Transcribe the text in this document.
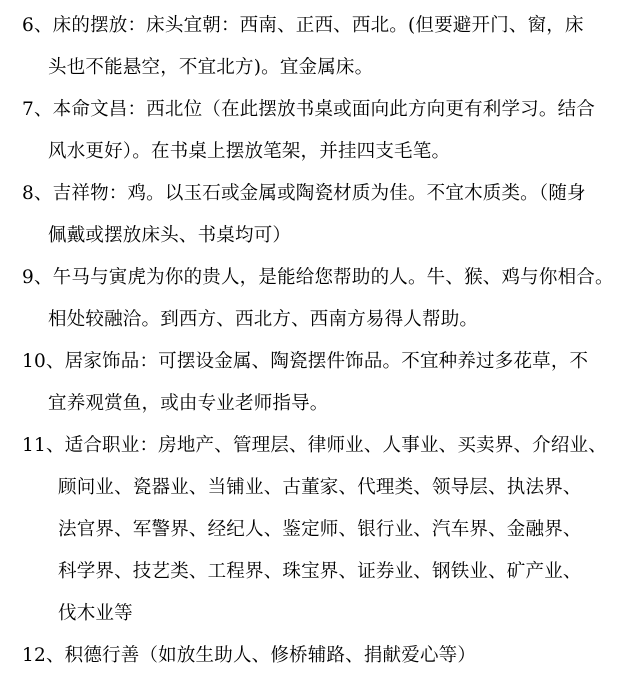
6、床的摆放：床头宜朝：西南、正西、西北。(但要避开门、窗，床
头也不能悬空，不宜北方)。宜金属床。
7、本命文昌：西北位（在此摆放书桌或面向此方向更有利学习。结合
风水更好）。在书桌上摆放笔架，并挂四支毛笔。
8、吉祥物：鸡。以玉石或金属或陶瓷材质为佳。不宜木质类。（随身
佩戴或摆放床头、书桌均可）
9、午马与寅虎为你的贵人，是能给您帮助的人。牛、猴、鸡与你相合。
相处较融洽。到西方、西北方、西南方易得人帮助。
10、居家饰品：可摆设金属、陶瓷摆件饰品。不宜种养过多花草，不
宜养观赏鱼，或由专业老师指导。
11、适合职业：房地产、管理层、律师业、人事业、买卖界、介绍业、
顾问业、瓷器业、当铺业、古董家、代理类、领导层、执法界、
法官界、军警界、经纪人、鉴定师、银行业、汽车界、金融界、
科学界、技艺类、工程界、珠宝界、证券业、钢铁业、矿产业、
伐木业等
12、积德行善（如放生助人、修桥辅路、捐献爱心等）
